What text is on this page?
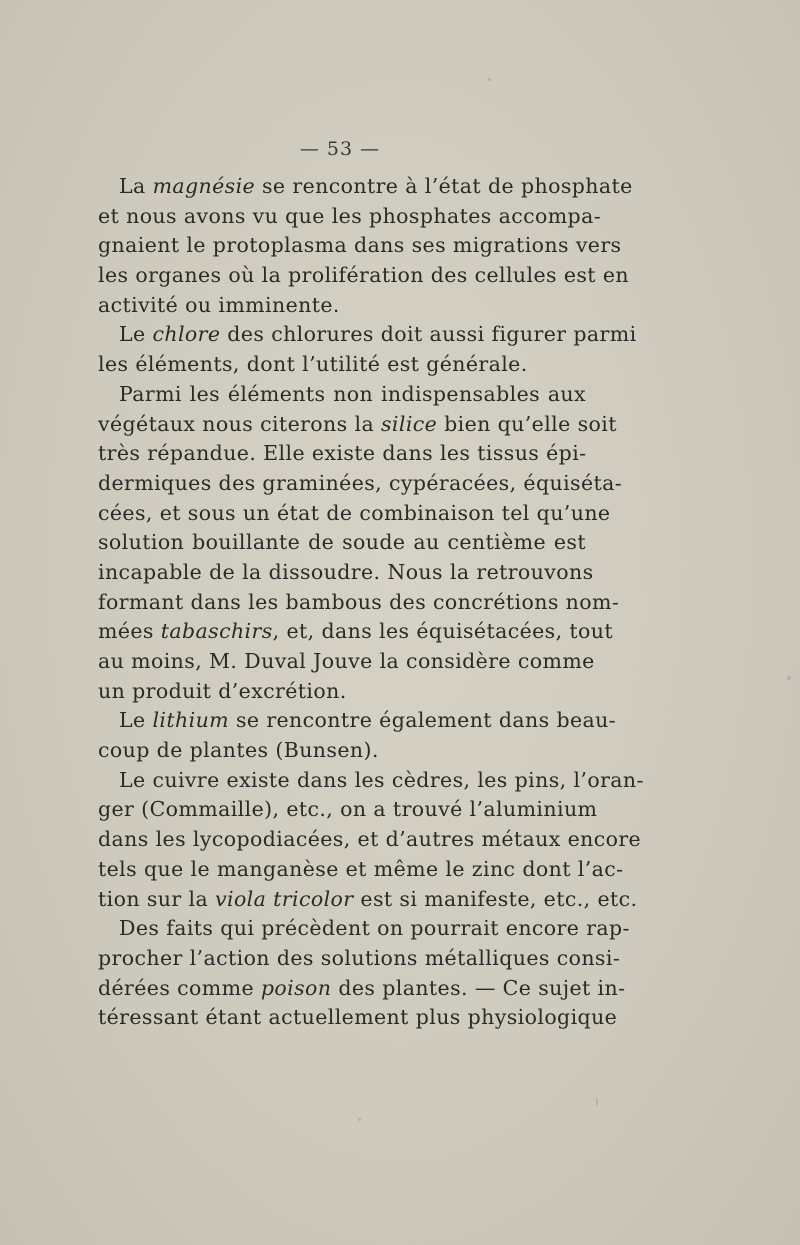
— 53 —
La magnésie se rencontre à l’état de phosphate
et nous avons vu que les phosphates accompa-
gnaient le protoplasma dans ses migrations vers
les organes où la prolifération des cellules est en
activité ou imminente.
Le chlore des chlorures doit aussi figurer parmi
les éléments, dont l’utilité est générale.
Parmi les éléments non indispensables aux
végétaux nous citerons la silice bien qu’elle soit
très répandue. Elle existe dans les tissus épi-
dermiques des graminées, cypéracées, équiséta-
cées, et sous un état de combinaison tel qu’une
solution bouillante de soude au centième est
incapable de la dissoudre. Nous la retrouvons
formant dans les bambous des concrétions nom-
mées tabaschirs, et, dans les équisétacées, tout
au moins, M. Duval Jouve la considère comme
un produit d’excrétion.
Le lithium se rencontre également dans beau-
coup de plantes (Bunsen).
Le cuivre existe dans les cèdres, les pins, l’oran-
ger (Commaille), etc., on a trouvé l’aluminium
dans les lycopodiacées, et d’autres métaux encore
tels que le manganèse et même le zinc dont l’ac-
tion sur la viola tricolor est si manifeste, etc., etc.
Des faits qui précèdent on pourrait encore rap-
procher l’action des solutions métalliques consi-
dérées comme poison des plantes. — Ce sujet in-
téressant étant actuellement plus physiologique
